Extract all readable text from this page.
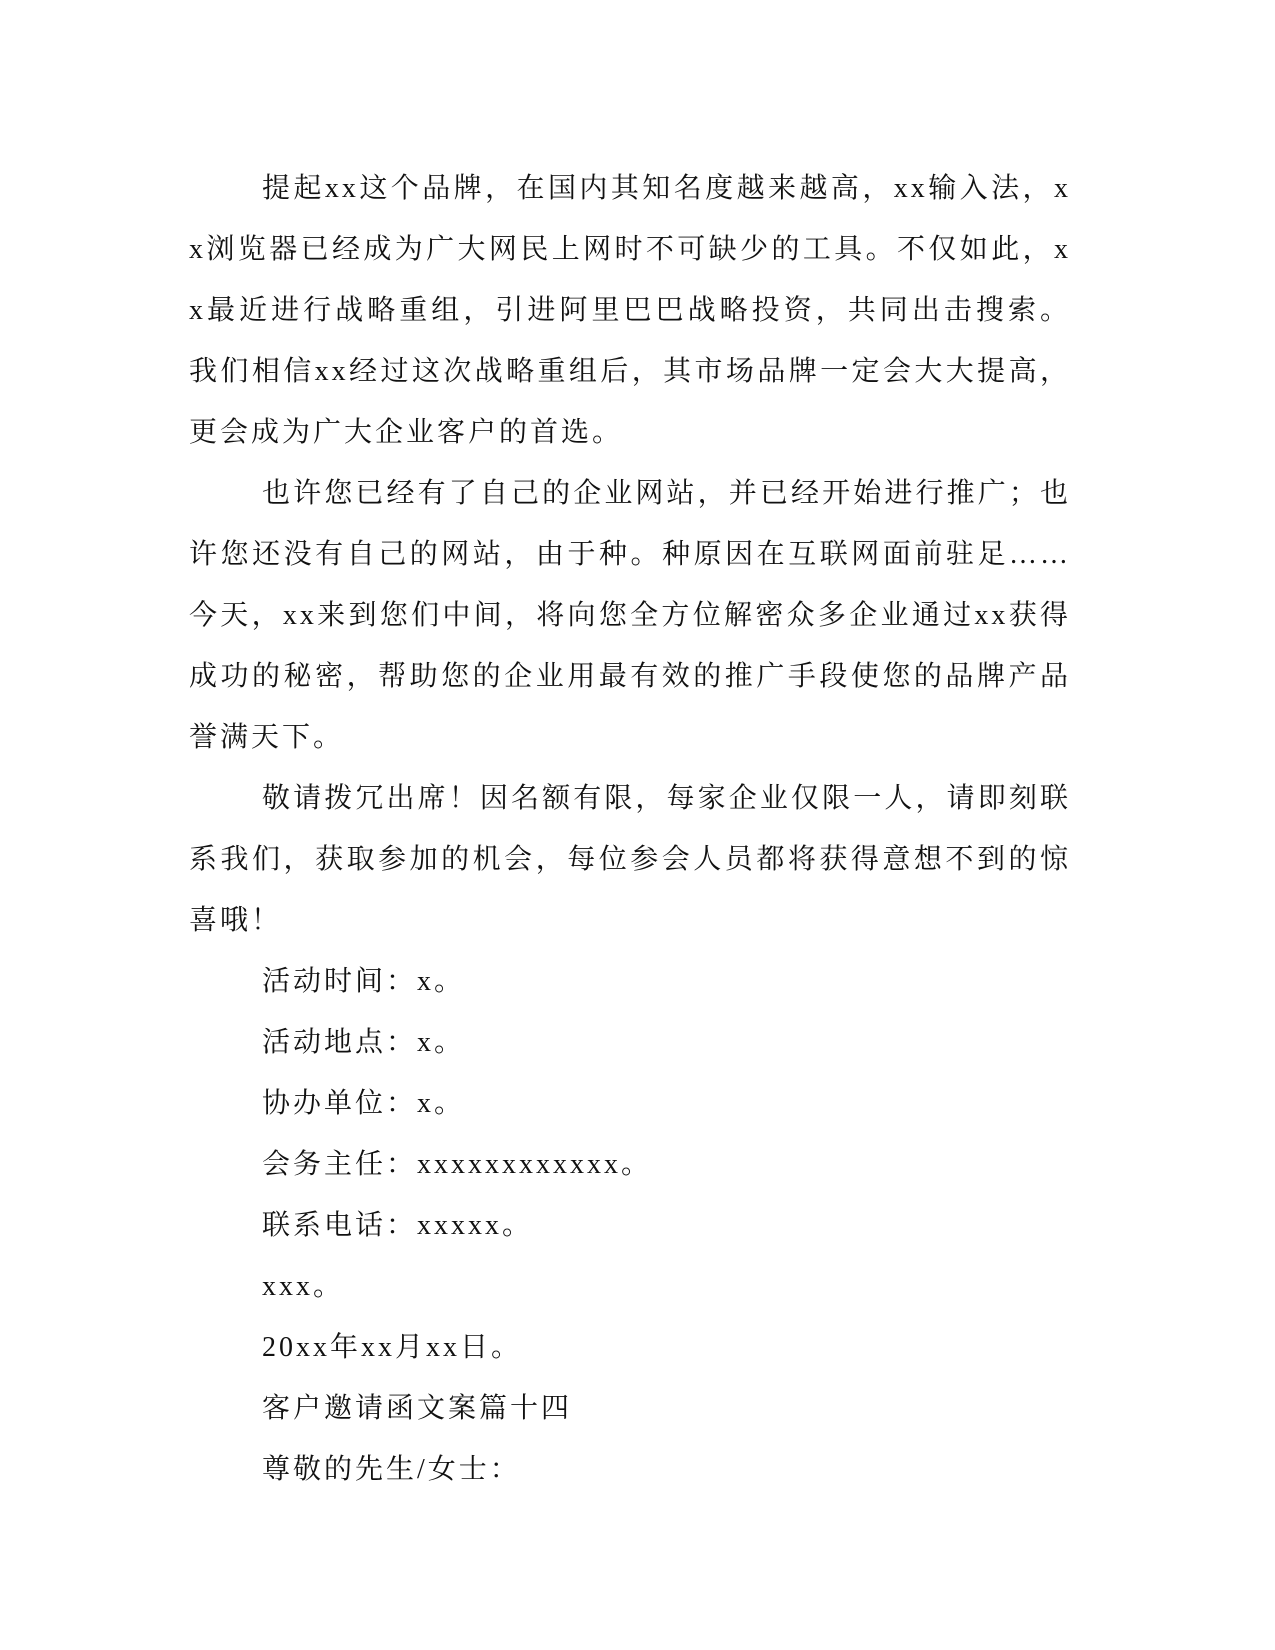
提起xx这个品牌，在国内其知名度越来越高，xx输入法，xx浏览器已经成为广大网民上网时不可缺少的工具。不仅如此，xx最近进行战略重组，引进阿里巴巴战略投资，共同出击搜索。我们相信xx经过这次战略重组后，其市场品牌一定会大大提高，更会成为广大企业客户的首选。

也许您已经有了自己的企业网站，并已经开始进行推广；也许您还没有自己的网站，由于种。种原因在互联网面前驻足……今天，xx来到您们中间，将向您全方位解密众多企业通过xx获得成功的秘密，帮助您的企业用最有效的推广手段使您的品牌产品誉满天下。

敬请拨冗出席！因名额有限，每家企业仅限一人，请即刻联系我们，获取参加的机会，每位参会人员都将获得意想不到的惊喜哦！

活动时间：x。

活动地点：x。

协办单位：x。

会务主任：xxxxxxxxxxxx。

联系电话：xxxxx。

xxx。

20xx年xx月xx日。

客户邀请函文案篇十四

尊敬的先生/女士：
